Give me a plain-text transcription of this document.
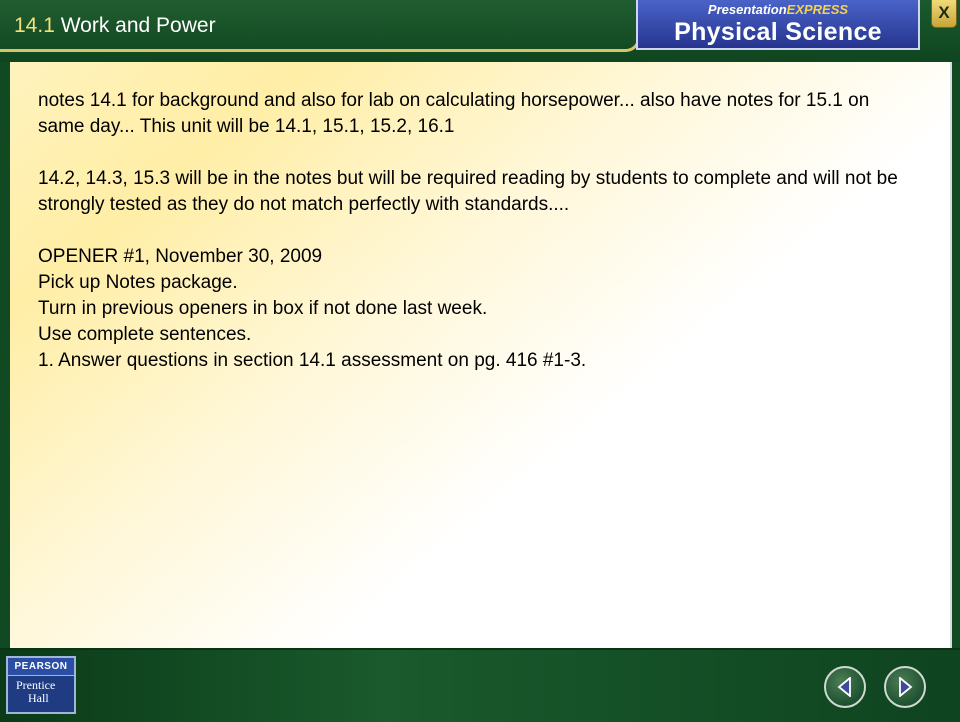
14.1 Work and Power
PresentationEXPRESS
Physical Science
X

notes 14.1 for background and also for lab on calculating horsepower... also have notes for 15.1 on same day... This unit will be 14.1, 15.1, 15.2, 16.1

14.2, 14.3, 15.3 will be in the notes but will be required reading by students to complete and will not be strongly tested as they do not match perfectly with standards....

OPENER #1, November 30, 2009

Pick up Notes package.

Turn in previous openers in box if not done last week.

Use complete sentences.

1. Answer questions in section 14.1 assessment on pg. 416 #1-3.

PEARSON
Prentice
Hall
